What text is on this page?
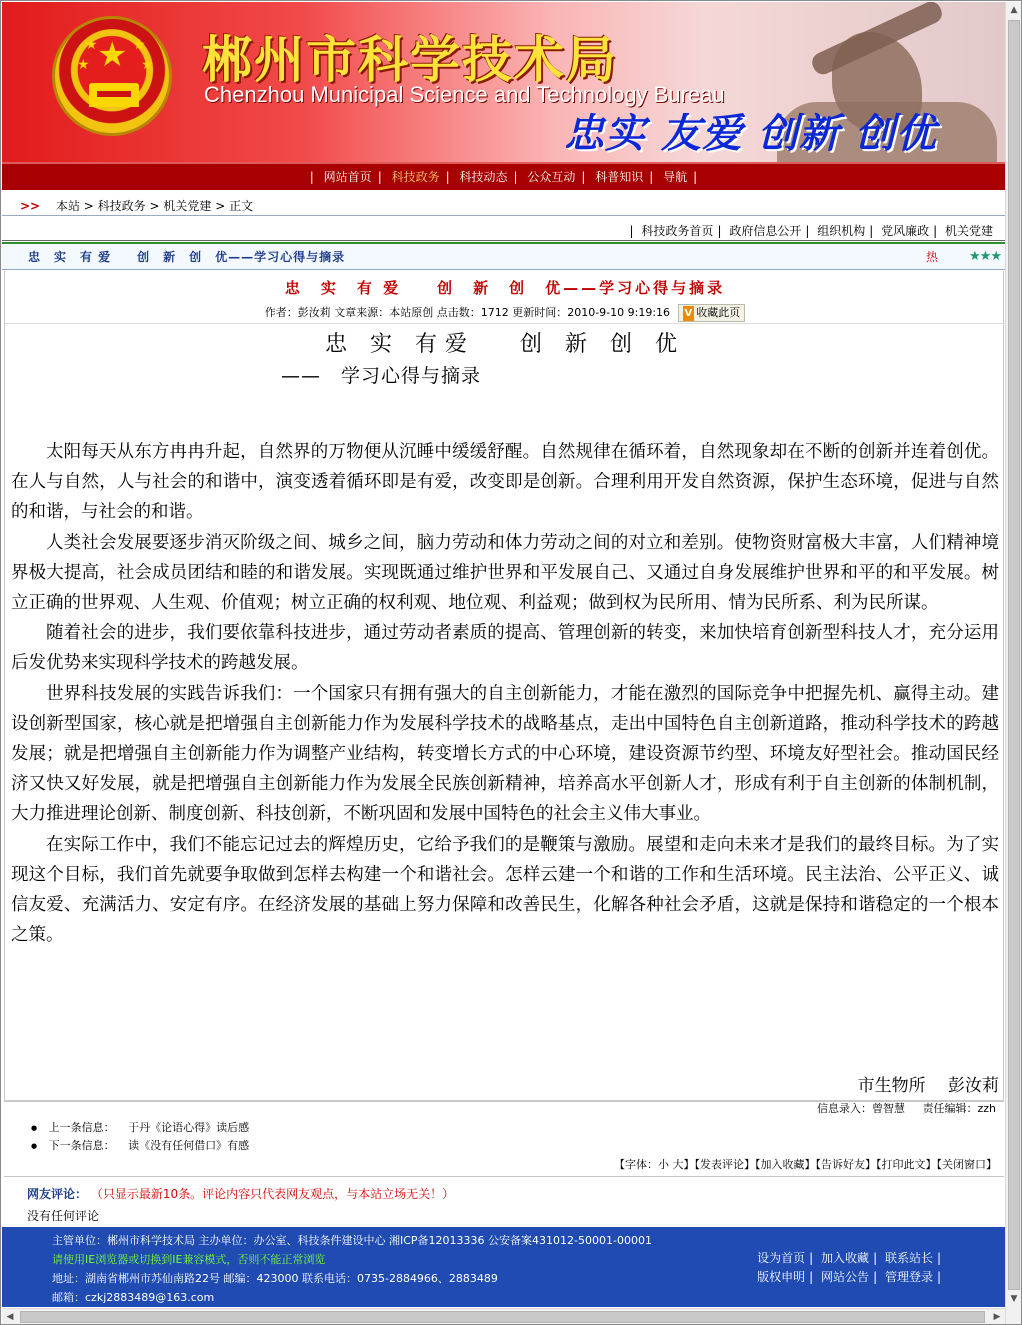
★
★	★
★	★ 郴州市科学技术局
Chenzhou Municipal Science and Technology Bureau
忠实 友爱 创新 创优
| 网站首页 | 科技政务 | 科技动态 | 公众互动 | 科普知识 | 导航 |
>> 本站 > 科技政务 > 机关党建 > 正文
| 科技政务首页 | 政府信息公开 | 组织机构 | 党风廉政 | 机关党建
忠　实　有 爱　　创　新　创　优——学习心得与摘录	热 ★★★
忠　实　有 爱　　创　新　创　优——学习心得与摘录
作者：彭汝莉 文章来源：本站原创 点击数：1712 更新时间：2010-9-10 9:19:16 V 收藏此页
忠 实 有爱　 创 新 创 优
——　学习心得与摘录

太阳每天从东方冉冉升起，自然界的万物便从沉睡中缓缓舒醒。自然规律在循环着，自然现象却在不断的创新并连着创优。在人与自然，人与社会的和谐中，演变透着循环即是有爱，改变即是创新。合理利用开发自然资源，保护生态环境，促进与自然的和谐，与社会的和谐。

人类社会发展要逐步消灭阶级之间、城乡之间，脑力劳动和体力劳动之间的对立和差别。使物资财富极大丰富，人们精神境界极大提高，社会成员团结和睦的和谐发展。实现既通过维护世界和平发展自己、又通过自身发展维护世界和平的和平发展。树立正确的世界观、人生观、价值观；树立正确的权利观、地位观、利益观；做到权为民所用、情为民所系、利为民所谋。

随着社会的进步，我们要依靠科技进步，通过劳动者素质的提高、管理创新的转变，来加快培育创新型科技人才，充分运用后发优势来实现科学技术的跨越发展。

世界科技发展的实践告诉我们：一个国家只有拥有强大的自主创新能力，才能在激烈的国际竞争中把握先机、赢得主动。建设创新型国家，核心就是把增强自主创新能力作为发展科学技术的战略基点，走出中国特色自主创新道路，推动科学技术的跨越发展；就是把增强自主创新能力作为调整产业结构，转变增长方式的中心环境，建设资源节约型、环境友好型社会。推动国民经济又快又好发展，就是把增强自主创新能力作为发展全民族创新精神，培养高水平创新人才，形成有利于自主创新的体制机制，大力推进理论创新、制度创新、科技创新，不断巩固和发展中国特色的社会主义伟大事业。

在实际工作中，我们不能忘记过去的辉煌历史，它给予我们的是鞭策与激励。展望和走向未来才是我们的最终目标。为了实现这个目标，我们首先就要争取做到怎样去构建一个和谐社会。怎样云建一个和谐的工作和生活环境。民主法治、公平正义、诚信友爱、充满活力、安定有序。在经济发展的基础上努力保障和改善民生，化解各种社会矛盾，这就是保持和谐稳定的一个根本之策。

市生物所　 彭汝莉
信息录入：曾智慧 责任编辑：zzh
● 上一条信息： 于丹《论语心得》读后感
● 下一条信息： 读《没有任何借口》有感
【字体：小 大】【发表评论】【加入收藏】【告诉好友】【打印此文】【关闭窗口】
网友评论： （只显示最新10条。评论内容只代表网友观点，与本站立场无关！）
没有任何评论
主管单位：郴州市科学技术局 主办单位：办公室、科技条件建设中心 湘ICP备12013336 公安备案431012-50001-00001
请使用IE浏览器或切换到IE兼容模式，否则不能正常浏览
地址：湖南省郴州市苏仙南路22号 邮编：423000 联系电话：0735-2884966、2883489
邮箱：czkj2883489@163.com
设为首页 | 加入收藏 | 联系站长 |
版权申明 | 网站公告 | 管理登录 |
▲
▼
◀	▶
